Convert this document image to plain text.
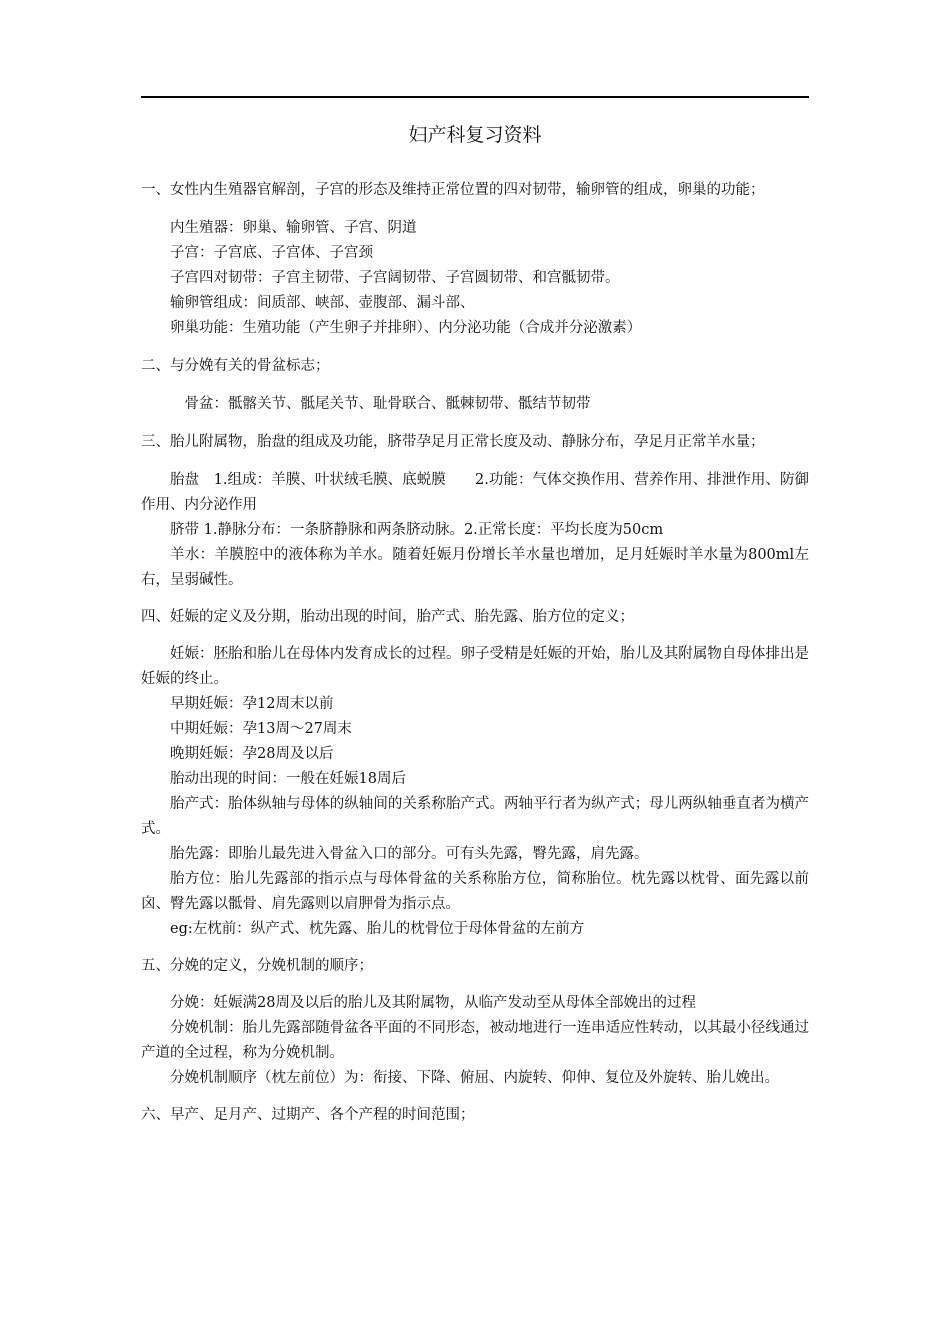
妇产科复习资料

一、女性内生殖器官解剖，子宫的形态及维持正常位置的四对韧带，输卵管的组成，卵巢的功能；

内生殖器：卵巢、输卵管、子宫、阴道

子宫：子宫底、子宫体、子宫颈

子宫四对韧带：子宫主韧带、子宫阔韧带、子宫圆韧带、和宫骶韧带。

输卵管组成：间质部、峡部、壶腹部、漏斗部、

卵巢功能：生殖功能（产生卵子并排卵）、内分泌功能（合成并分泌激素）

二、与分娩有关的骨盆标志；

骨盆：骶髂关节、骶尾关节、耻骨联合、骶棘韧带、骶结节韧带

三、胎儿附属物，胎盘的组成及功能，脐带孕足月正常长度及动、静脉分布，孕足月正常羊水量；

胎盘　1.组成：羊膜、叶状绒毛膜、底蜕膜　　2.功能：气体交换作用、营养作用、排泄作用、防御作用、内分泌作用

脐带 1.静脉分布：一条脐静脉和两条脐动脉。2.正常长度：平均长度为50cm

羊水：羊膜腔中的液体称为羊水。随着妊娠月份增长羊水量也增加，足月妊娠时羊水量为800ml左右，呈弱碱性。

四、妊娠的定义及分期，胎动出现的时间，胎产式、胎先露、胎方位的定义；

妊娠：胚胎和胎儿在母体内发育成长的过程。卵子受精是妊娠的开始，胎儿及其附属物自母体排出是妊娠的终止。

早期妊娠：孕12周末以前

中期妊娠：孕13周～27周末

晚期妊娠：孕28周及以后

胎动出现的时间：一般在妊娠18周后

胎产式：胎体纵轴与母体的纵轴间的关系称胎产式。两轴平行者为纵产式；母儿两纵轴垂直者为横产式。

胎先露：即胎儿最先进入骨盆入口的部分。可有头先露，臀先露，肩先露。

胎方位：胎儿先露部的指示点与母体骨盆的关系称胎方位，简称胎位。枕先露以枕骨、面先露以前囟、臀先露以骶骨、肩先露则以肩胛骨为指示点。

eg:左枕前：纵产式、枕先露、胎儿的枕骨位于母体骨盆的左前方

五、分娩的定义，分娩机制的顺序；

分娩：妊娠满28周及以后的胎儿及其附属物，从临产发动至从母体全部娩出的过程

分娩机制：胎儿先露部随骨盆各平面的不同形态，被动地进行一连串适应性转动，以其最小径线通过产道的全过程，称为分娩机制。

分娩机制顺序（枕左前位）为：衔接、下降、俯屈、内旋转、仰伸、复位及外旋转、胎儿娩出。

六、早产、足月产、过期产、各个产程的时间范围；
